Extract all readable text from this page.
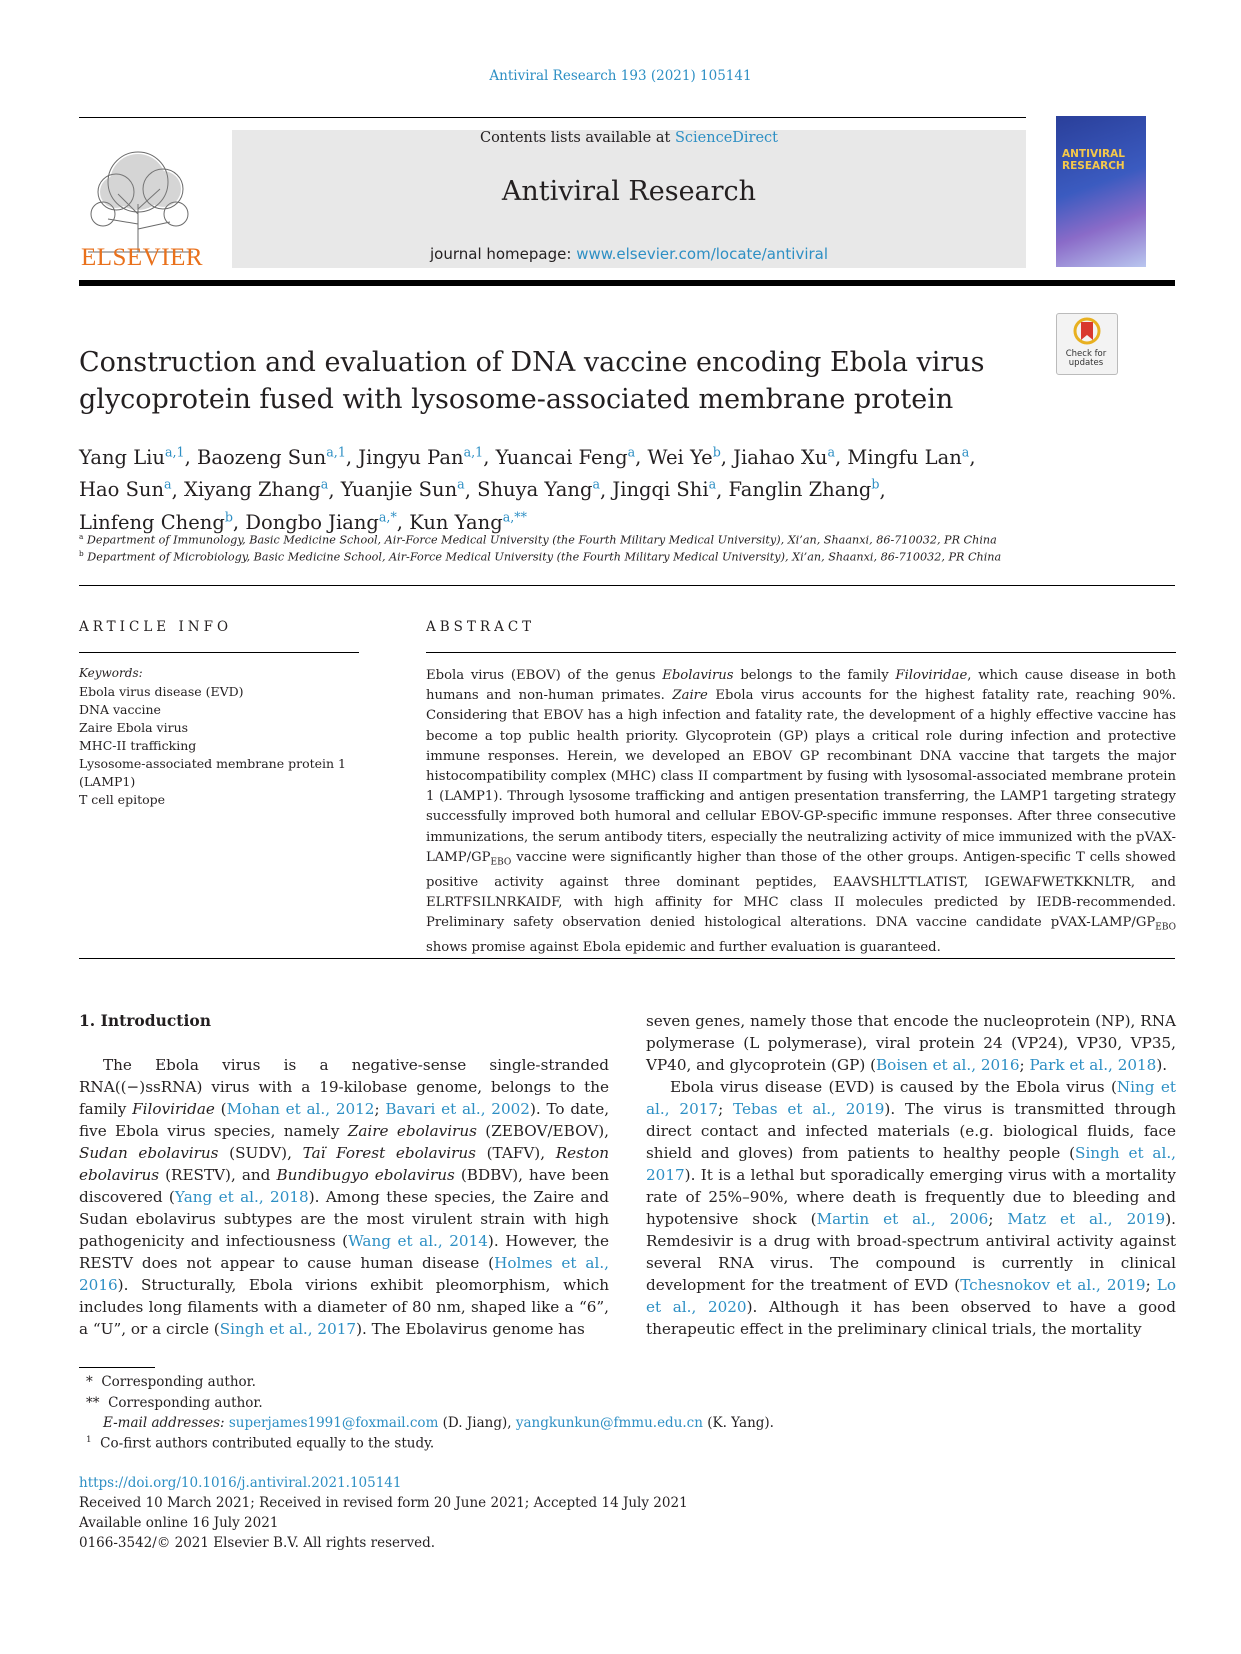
Antiviral Research 193 (2021) 105141
ELSEVIER
Contents lists available at ScienceDirect
Antiviral Research
journal homepage: www.elsevier.com/locate/antiviral
ANTIVIRAL RESEARCH
Check for updates
Construction and evaluation of DNA vaccine encoding Ebola virus glycoprotein fused with lysosome-associated membrane protein
Yang Liu$^{a,1}$, Baozeng Sun$^{a,1}$, Jingyu Pan$^{a,1}$, Yuancai Feng$^a$, Wei Ye$^b$, Jiahao Xu$^a$, Mingfu Lan$^a$,
Hao Sun$^a$, Xiyang Zhang$^a$, Yuanjie Sun$^a$, Shuya Yang$^a$, Jingqi Shi$^a$, Fanglin Zhang$^b$,
Linfeng Cheng$^b$, Dongbo Jiang$^{a,*}$, Kun Yang$^{a,**}$
$^a$ Department of Immunology, Basic Medicine School, Air-Force Medical University (the Fourth Military Medical University), Xi’an, Shaanxi, 86-710032, PR China
$^b$ Department of Microbiology, Basic Medicine School, Air-Force Medical University (the Fourth Military Medical University), Xi’an, Shaanxi, 86-710032, PR China
ARTICLE INFO
Keywords:
Ebola virus disease (EVD)
DNA vaccine
Zaire Ebola virus
MHC-II trafficking
Lysosome-associated membrane protein 1
(LAMP1)
T cell epitope
ABSTRACT
Ebola virus (EBOV) of the genus Ebolavirus belongs to the family Filoviridae, which cause disease in both humans and non-human primates. Zaire Ebola virus accounts for the highest fatality rate, reaching 90%. Considering that EBOV has a high infection and fatality rate, the development of a highly effective vaccine has become a top public health priority. Glycoprotein (GP) plays a critical role during infection and protective immune responses. Herein, we developed an EBOV GP recombinant DNA vaccine that targets the major histocompatibility complex (MHC) class II compartment by fusing with lysosomal-associated membrane protein 1 (LAMP1). Through lysosome trafficking and antigen presentation transferring, the LAMP1 targeting strategy successfully improved both humoral and cellular EBOV-GP-specific immune responses. After three consecutive immunizations, the serum antibody titers, especially the neutralizing activity of mice immunized with the pVAX-$LAMP/GP_{EBO}$ vaccine were significantly higher than those of the other groups. Antigen-specific T cells showed positive activity against three dominant peptides, EAAVSHLTTLATIST, IGEWAFWETKKNLTR, and ELRTFSILNRKAIDF, with high affinity for MHC class II molecules predicted by IEDB-recommended. Preliminary safety observation denied histological alterations. DNA vaccine candidate pVAX-$LAMP/GP_{EBO}$ shows promise against Ebola epidemic and further evaluation is guaranteed.
1. Introduction
The Ebola virus is a negative-sense single-stranded RNA((−)ssRNA) virus with a 19-kilobase genome, belongs to the family Filoviridae (Mohan et al., 2012; Bavari et al., 2002). To date, five Ebola virus species, namely Zaire ebolavirus (ZEBOV/EBOV), Sudan ebolavirus (SUDV), Taï Forest ebolavirus (TAFV), Reston ebolavirus (RESTV), and Bundibugyo ebolavirus (BDBV), have been discovered (Yang et al., 2018). Among these species, the Zaire and Sudan ebolavirus subtypes are the most virulent strain with high pathogenicity and infectiousness (Wang et al., 2014). However, the RESTV does not appear to cause human disease (Holmes et al., 2016). Structurally, Ebola virions exhibit pleomorphism, which includes long filaments with a diameter of 80 nm, shaped like a “6”, a “U”, or a circle (Singh et al., 2017). The Ebolavirus genome has
seven genes, namely those that encode the nucleoprotein (NP), RNA polymerase (L polymerase), viral protein 24 (VP24), VP30, VP35, VP40, and glycoprotein (GP) (Boisen et al., 2016; Park et al., 2018).
Ebola virus disease (EVD) is caused by the Ebola virus (Ning et al., 2017; Tebas et al., 2019). The virus is transmitted through direct contact and infected materials (e.g. biological fluids, face shield and gloves) from patients to healthy people (Singh et al., 2017). It is a lethal but sporadically emerging virus with a mortality rate of 25%–90%, where death is frequently due to bleeding and hypotensive shock (Martin et al., 2006; Matz et al., 2019). Remdesivir is a drug with broad-spectrum antiviral activity against several RNA virus. The compound is currently in clinical development for the treatment of EVD (Tchesnokov et al., 2019; Lo et al., 2020). Although it has been observed to have a good therapeutic effect in the preliminary clinical trials, the mortality
* Corresponding author.
** Corresponding author.
E-mail addresses: superjames1991@foxmail.com (D. Jiang), yangkunkun@fmmu.edu.cn (K. Yang).
$^1$ Co-first authors contributed equally to the study.
https://doi.org/10.1016/j.antiviral.2021.105141
Received 10 March 2021; Received in revised form 20 June 2021; Accepted 14 July 2021
Available online 16 July 2021
0166-3542/© 2021 Elsevier B.V. All rights reserved.
